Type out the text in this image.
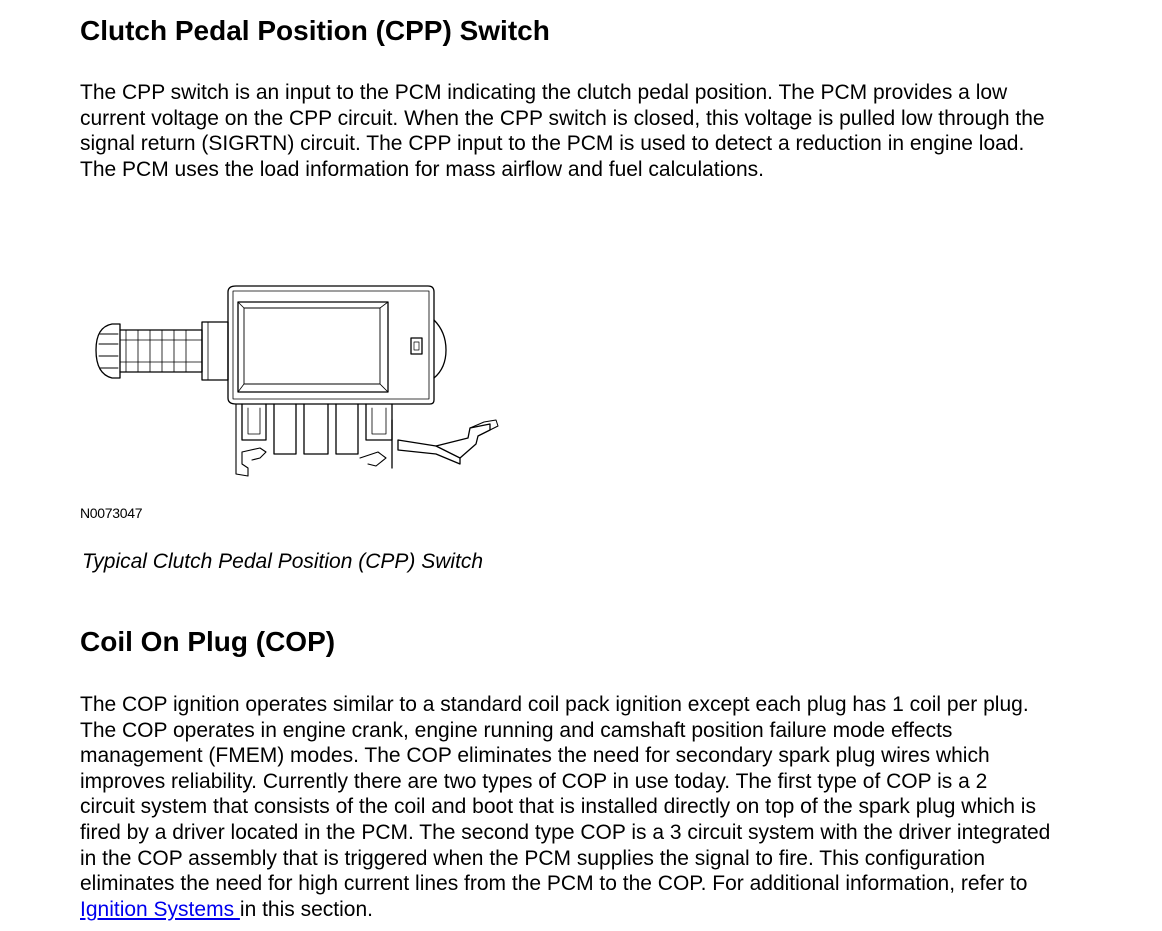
Clutch Pedal Position (CPP) Switch

The CPP switch is an input to the PCM indicating the clutch pedal position. The PCM provides a low
current voltage on the CPP circuit. When the CPP switch is closed, this voltage is pulled low through the
signal return (SIGRTN) circuit. The CPP input to the PCM is used to detect a reduction in engine load.
The PCM uses the load information for mass airflow and fuel calculations.

N0073047
Typical Clutch Pedal Position (CPP) Switch
Coil On Plug (COP)

The COP ignition operates similar to a standard coil pack ignition except each plug has 1 coil per plug.
The COP operates in engine crank, engine running and camshaft position failure mode effects
management (FMEM) modes. The COP eliminates the need for secondary spark plug wires which
improves reliability. Currently there are two types of COP in use today. The first type of COP is a 2
circuit system that consists of the coil and boot that is installed directly on top of the spark plug which is
fired by a driver located in the PCM. The second type COP is a 3 circuit system with the driver integrated
in the COP assembly that is triggered when the PCM supplies the signal to fire. This configuration
eliminates the need for high current lines from the PCM to the COP. For additional information, refer to
Ignition Systems in this section.
